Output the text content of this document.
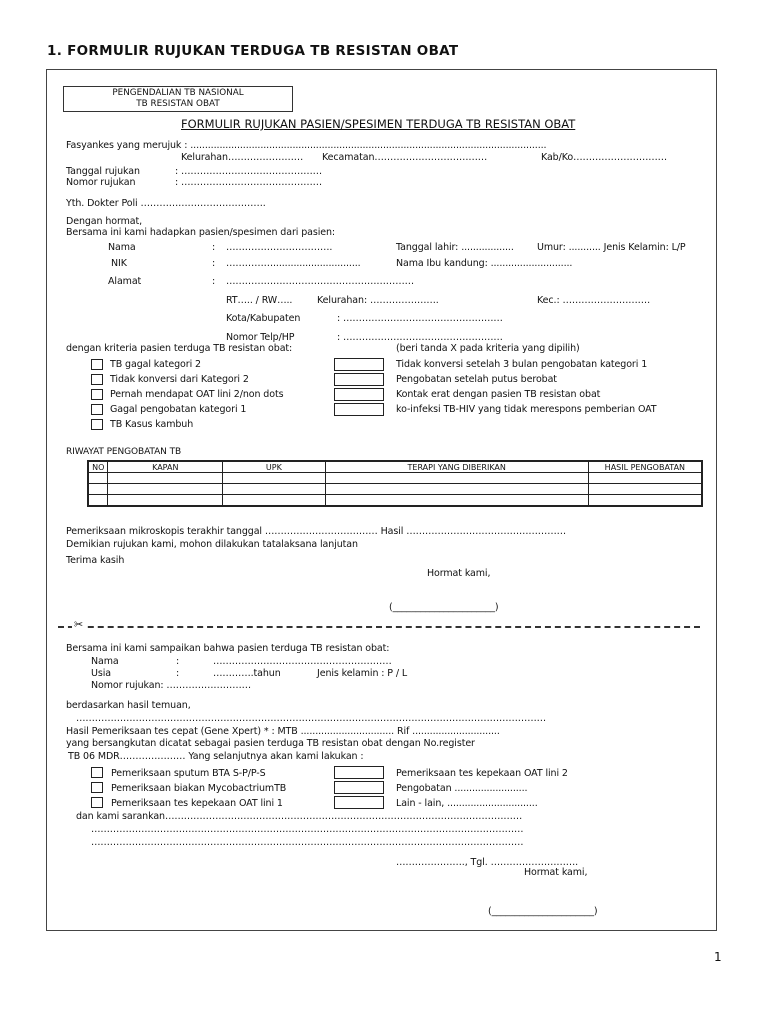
1. FORMULIR RUJUKAN TERDUGA TB RESISTAN OBAT
PENGENDALIAN TB NASIONAL
TB RESISTAN OBAT
FORMULIR RUJUKAN PASIEN/SPESIMEN TERDUGA TB RESISTAN OBAT
Fasyankes yang merujuk : ..........................................................................................................................
Kelurahan…………………… Kecamatan………………………………	Kab/Ko…………………………
Tanggal rujukan	: ………………………………………
Nomor rujukan	: ………………………………………
Yth. Dokter Poli ………………………………….
Dengan hormat,
Bersama ini kami hadapkan pasien/spesimen dari pasien:
Nama	: …………………………….	Tanggal lahir: .................. Umur: ........... Jenis Kelamin: L/P
NIK	: ……………..............................	Nama Ibu kandung: ............................
Alamat	: ……………………………………………………
RT….. / RW…..	Kelurahan: ………………….	Kec.: ……………………….
Kota/Kabupaten	: ……………………………………………
Nomor Telp/HP	: ……………………………………………
dengan kriteria pasien terduga TB resistan obat:	(beri tanda X pada kriteria yang dipilih)
TB gagal kategori 2
Tidak konversi dari Kategori 2
Pernah mendapat OAT lini 2/non dots
Gagal pengobatan kategori 1
TB Kasus kambuh
Tidak konversi setelah 3 bulan pengobatan kategori 1
Pengobatan setelah putus berobat
Kontak erat dengan pasien TB resistan obat
ko-infeksi TB-HIV yang tidak merespons pemberian OAT
RIWAYAT PENGOBATAN TB
NO	KAPAN	UPK	TERAPI YANG DIBERIKAN	HASIL PENGOBATAN

Pemeriksaan mikroskopis terakhir tanggal ……………………………… Hasil ……………………………………………
Demikian rujukan kami, mohon dilakukan tatalaksana lanjutan
Terima kasih
Hormat kami,
(______________________)
✂
Bersama ini kami sampaikan bahwa pasien terduga TB resistan obat:
Nama	:	…………………………………………………
Usia	:	………….tahun	Jenis kelamin : P / L
Nomor rujukan: ………………………
berdasarkan hasil temuan,
……………………………………………………………………………………………………………………………………
Hasil Pemeriksaan tes cepat (Gene Xpert) * : MTB ................................ Rif ..............................
yang bersangkutan dicatat sebagai pasien terduga TB resistan obat dengan No.register
TB 06 MDR………………… Yang selanjutnya akan kami lakukan :
Pemeriksaan sputum BTA S-P/P-S
Pemeriksaan biakan MycobactriumTB
Pemeriksaan tes kepekaan OAT lini 1
Pemeriksaan tes kepekaan OAT lini 2
Pengobatan .........................
Lain - lain, ...............................
dan kami sarankan……………………………………………………………………………………………………
…………………………………………………………………………………………………………………………
…………………………………………………………………………………………………………………………
…………………., Tgl. ……………………….
Hormat kami,
(______________________)
1
